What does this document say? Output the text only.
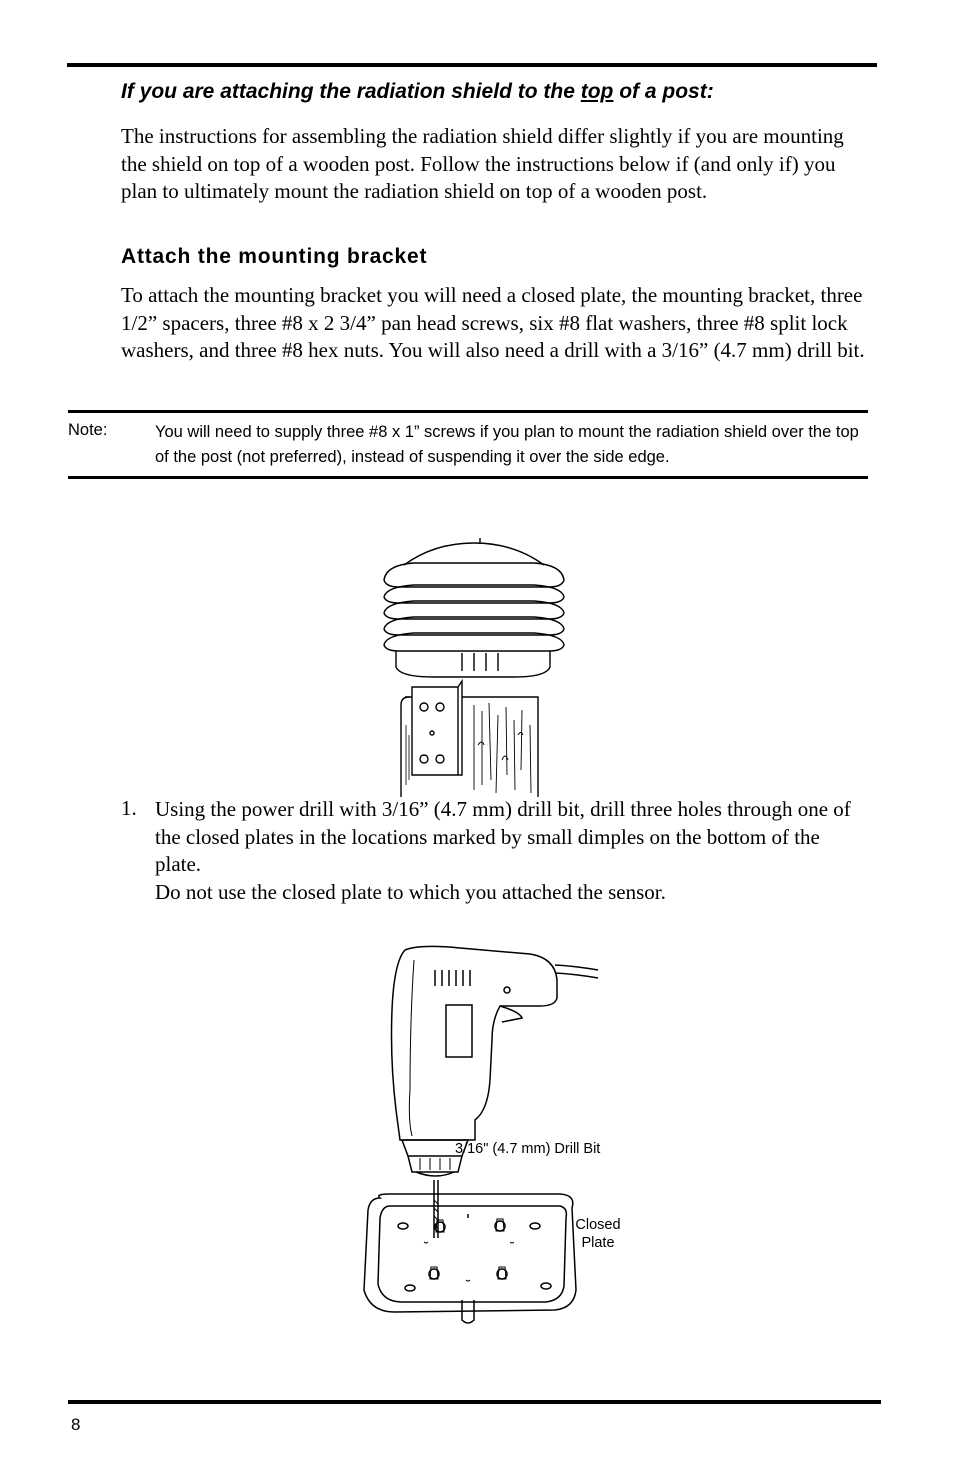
If you are attaching the radiation shield to the top of a post:
The instructions for assembling the radiation shield differ slightly if you are mounting the shield on top of a wooden post. Follow the instructions below if (and only if) you plan to ultimately mount the radiation shield on top of a wooden post.
Attach the mounting bracket
To attach the mounting bracket you will need a closed plate, the mounting bracket, three 1/2” spacers, three #8 x 2 3/4” pan head screws, six #8 flat washers, three #8 split lock washers, and three #8 hex nuts. You will also need a drill with a 3/16” (4.7 mm) drill bit.
Note:	You will need to supply three #8 x 1” screws if you plan to mount the radiation shield over the top of the post (not preferred), instead of suspending it over the side edge.
1. Using the power drill with 3/16” (4.7 mm) drill bit, drill three holes through one of the closed plates in the locations marked by small dimples on the bottom of the plate.
Do not use the closed plate to which you attached the sensor.
3/16" (4.7 mm) Drill Bit
Closed
Plate
8
